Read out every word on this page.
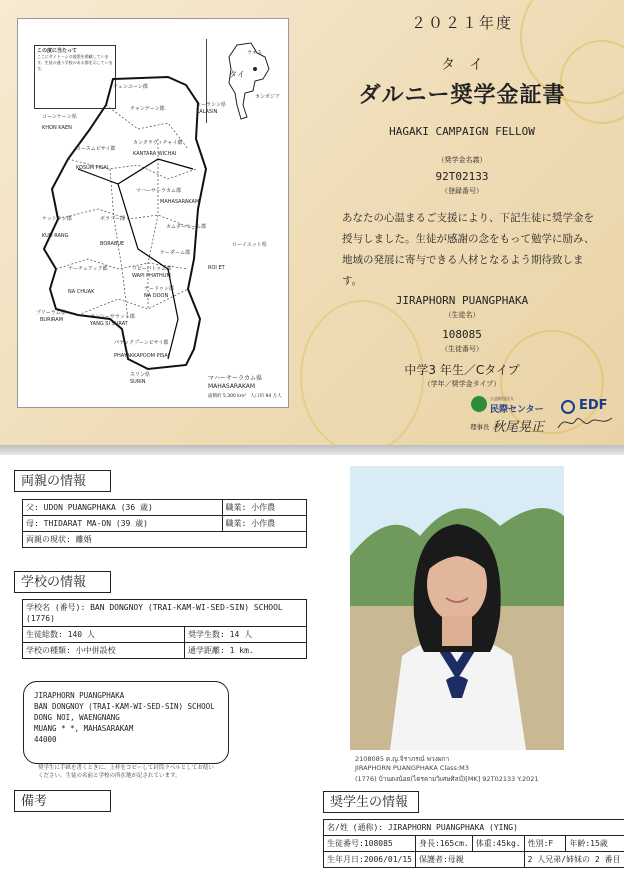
この度に当たって
ここにサイトーシの地図を掲載しています。生徒の通う学校のある郡を示しています。
ラオス
タイ
カンボジア
コーンケーン県
KHON KAEN
カーラシン県
KALASIN
チェンユーン郡
カンタラウィチャイ郡
KANTARA WICHAI
コースムピサイ郡
KOSUM PISAI
マハーサーラカム郡
MAHASARAKAM
ケットラン郡
KUD RANG
ボラブー郡
BORABUE
カムダーケーム郡
ローイエット県
ROI ET
ナーチュアック郡
NA CHUAK
ワピーパトゥム郡
WAPI PHATHUM
ナードゥン郡
NA DOON
プリーラム県
BURIRAM	ヤンシーサラット郡
YANG SI SURAT
パヤックプーンピサイ郡
PHAYAKKAPOOM PISAI
スリン県
SURIN
チャンゲーン郡
ケーダーム郡
マハーサーラカム県
MAHASARAKAM
面積約 5,300 km²　人口約 94 万人
２０２１年度
タ　イ
ダルニー奨学金証書
HAGAKI CAMPAIGN FELLOW
（奨学金名義）
92T02133
（登録番号）
あなたの心温まるご支援により、下記生徒に奨学金を授与しました。生徒が感謝の念をもって勉学に励み、地域の発展に寄与できる人材となるよう期待致します。
JIRAPHORN PUANGPHAKA
（生徒名）
108085
（生徒番号）
中学3 年生／Cタイプ
（学年／奨学金タイプ）
公益財団法人
民際センター	EDF
理事長 秋尾晃正
両親の情報
父: UDON PUANGPHAKA (36 歳)	職業: 小作農
母: THIDARAT MA-ON (39 歳)	職業: 小作農
両親の現状: 離婚	
学校の情報
学校名 (番号): BAN DONGNOY (TRAI-KAM-WI-SED-SIN) SCHOOL (1776)	
生徒総数: 140 人	奨学生数: 14 人
学校の種類: 小中併設校	通学距離: 1 km.
JIRAPHORN PUANGPHAKA
BAN DONGNOY (TRAI-KAM-WI-SED-SIN) SCHOOL
DONG NOI, WAENGNANG
MUANG * *, MAHASARAKAM
44000
奨学生に手紙を書くときに、上枠をコピーして封筒ラベルとしてお使いください。生徒の名前と学校の所在地が記されています。
2108085 ด.ญ.จิราภรณ์ พวงผกา
JIRAPHORN PUANGPHAKA Class:M3
(1776) บ้านดงน้อย(ไตรคามวิเศษศิลป์)[MK] 92T02133 Y.2021
備考	奨学生の情報
名/姓 (通称): JIRAPHORN PUANGPHAKA (YING)				
生徒番号:108085	身長:165cm.	体重:45kg.	性別:F	年齢:15歳
生年月日:2006/01/15	保護者:母親		2 人兄弟/姉妹の 2 番目	
